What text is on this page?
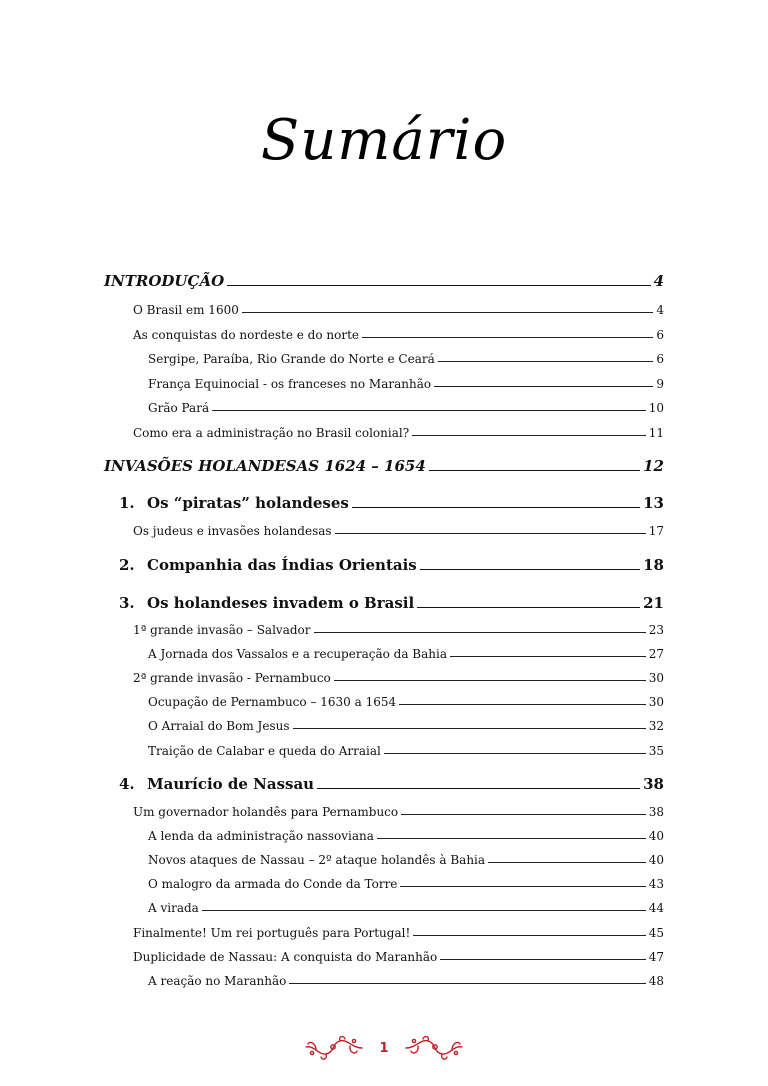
Sumário
INTRODUÇÃO	4
O Brasil em 1600	4
As conquistas do nordeste e do norte	6
Sergipe, Paraíba, Rio Grande do Norte e Ceará	6
França Equinocial - os franceses no Maranhão	9
Grão Pará	10
Como era a administração no Brasil colonial?	11
INVASÕES HOLANDESAS 1624 – 1654	12
1. Os “piratas” holandeses	13
Os judeus e invasões holandesas	17
2. Companhia das Índias Orientais	18
3. Os holandeses invadem o Brasil	21
1ª grande invasão – Salvador	23
A Jornada dos Vassalos e a recuperação da Bahia	27
2ª grande invasão - Pernambuco	30
Ocupação de Pernambuco – 1630 a 1654	30
O Arraial do Bom Jesus	32
Traição de Calabar e queda do Arraial	35
4. Maurício de Nassau	38
Um governador holandês para Pernambuco	38
A lenda da administração nassoviana	40
Novos ataques de Nassau – 2º ataque holandês à Bahia	40
O malogro da armada do Conde da Torre	43
A virada	44
Finalmente! Um rei português para Portugal!	45
Duplicidade de Nassau: A conquista do Maranhão	47
A reação no Maranhão	48
1
